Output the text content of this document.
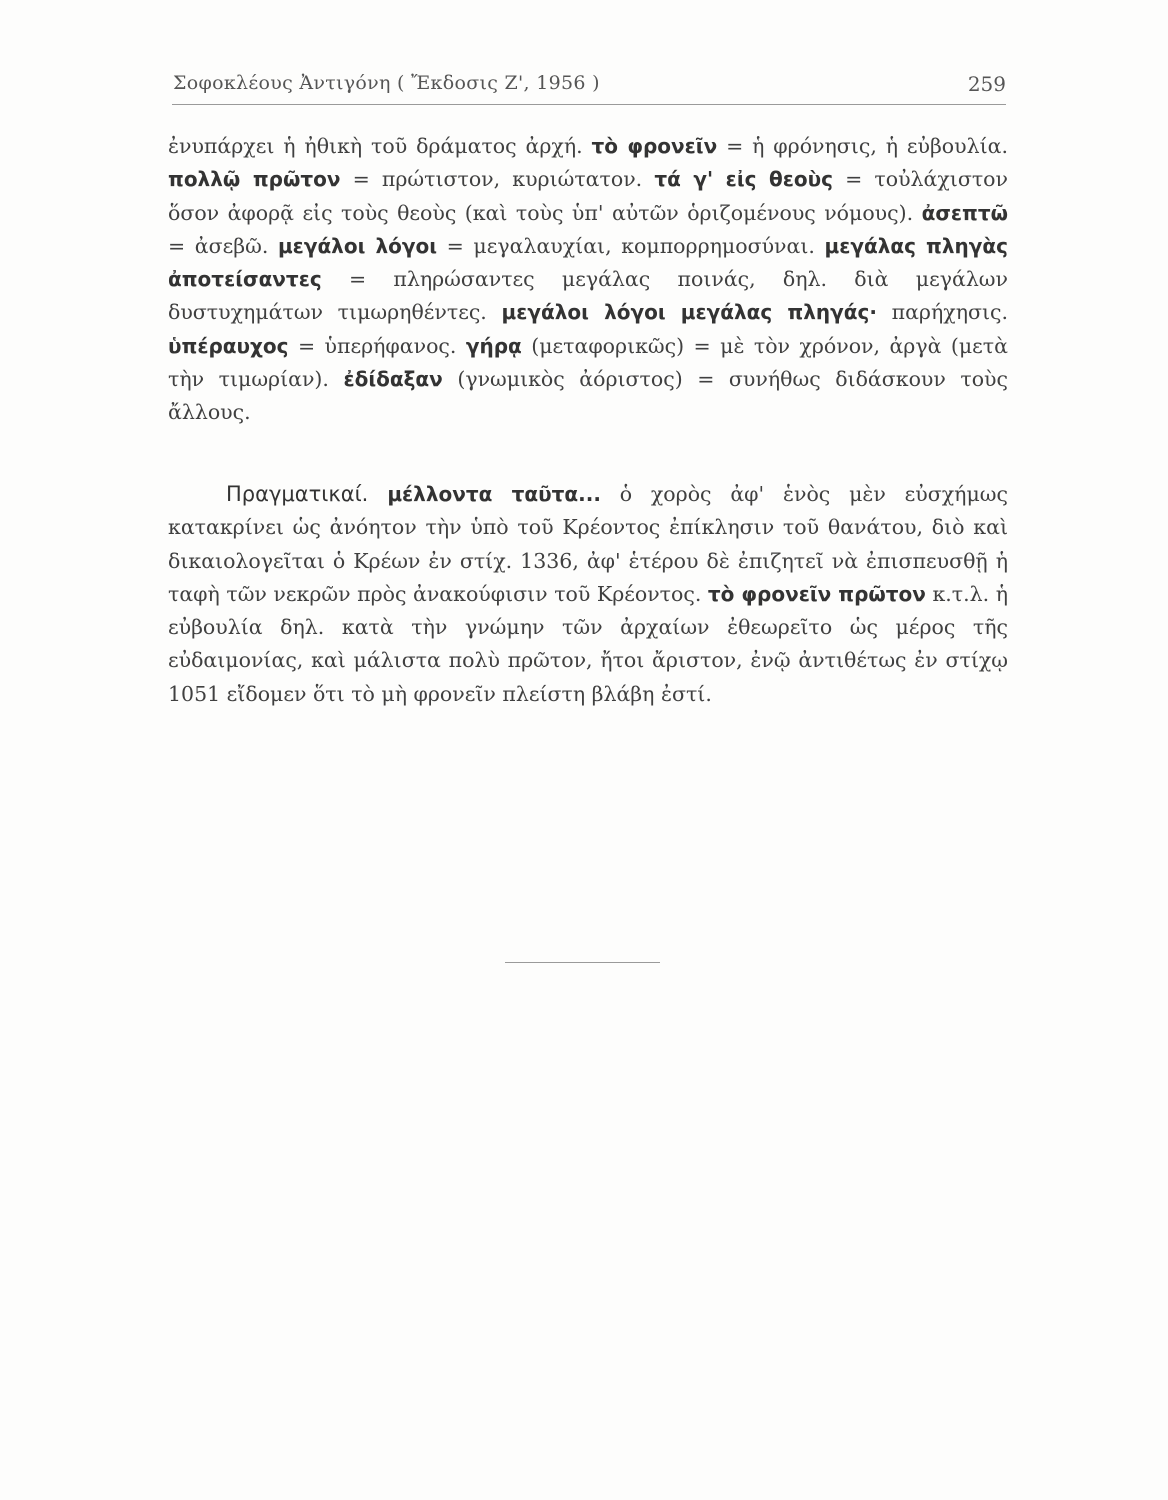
Σοφοκλέους Ἀντιγόνη ( Ἔκδοσις Ζ', 1956 )	259
ἐνυπάρχει ἡ ἠθικὴ τοῦ δράματος ἀρχή. τὸ φρονεῖν = ἡ φρόνησις, ἡ εὐβουλία. πολλῷ πρῶτον = πρώτιστον, κυριώτατον. τά γ' εἰς θεοὺς = τοὐλάχιστον ὅσον ἀφορᾷ εἰς τοὺς θεοὺς (καὶ τοὺς ὑπ' αὐτῶν ὁριζομένους νόμους). ἀσεπτῶ = ἀσεβῶ. μεγάλοι λόγοι = μεγαλαυχίαι, κομπορρημοσύναι. μεγάλας πληγὰς ἀποτείσαντες = πληρώσαντες μεγάλας ποινάς, δηλ. διὰ μεγάλων δυστυχημάτων τιμωρηθέντες. μεγάλοι λόγοι μεγάλας πληγάς· παρήχησις. ὑπέραυχος = ὑπερήφανος. γήρᾳ (μεταφορικῶς) = μὲ τὸν χρόνον, ἀργὰ (μετὰ τὴν τιμωρίαν). ἐδίδαξαν (γνωμικὸς ἀόριστος) = συνήθως διδάσκουν τοὺς ἄλλους.
Πραγματικαί. μέλλοντα ταῦτα... ὁ χορὸς ἀφ' ἑνὸς μὲν εὐσχήμως κατακρίνει ὡς ἀνόητον τὴν ὑπὸ τοῦ Κρέοντος ἐπίκλησιν τοῦ θανάτου, διὸ καὶ δικαιολογεῖται ὁ Κρέων ἐν στίχ. 1336, ἀφ' ἑτέρου δὲ ἐπιζητεῖ νὰ ἐπισπευσθῇ ἡ ταφὴ τῶν νεκρῶν πρὸς ἀνακούφισιν τοῦ Κρέοντος. τὸ φρονεῖν πρῶτον κ.τ.λ. ἡ εὐβουλία δηλ. κατὰ τὴν γνώμην τῶν ἀρχαίων ἐθεωρεῖτο ὡς μέρος τῆς εὐδαιμονίας, καὶ μάλιστα πολὺ πρῶτον, ἤτοι ἄριστον, ἐνῷ ἀντιθέτως ἐν στίχῳ 1051 εἴδομεν ὅτι τὸ μὴ φρονεῖν πλείστη βλάβη ἐστί.
